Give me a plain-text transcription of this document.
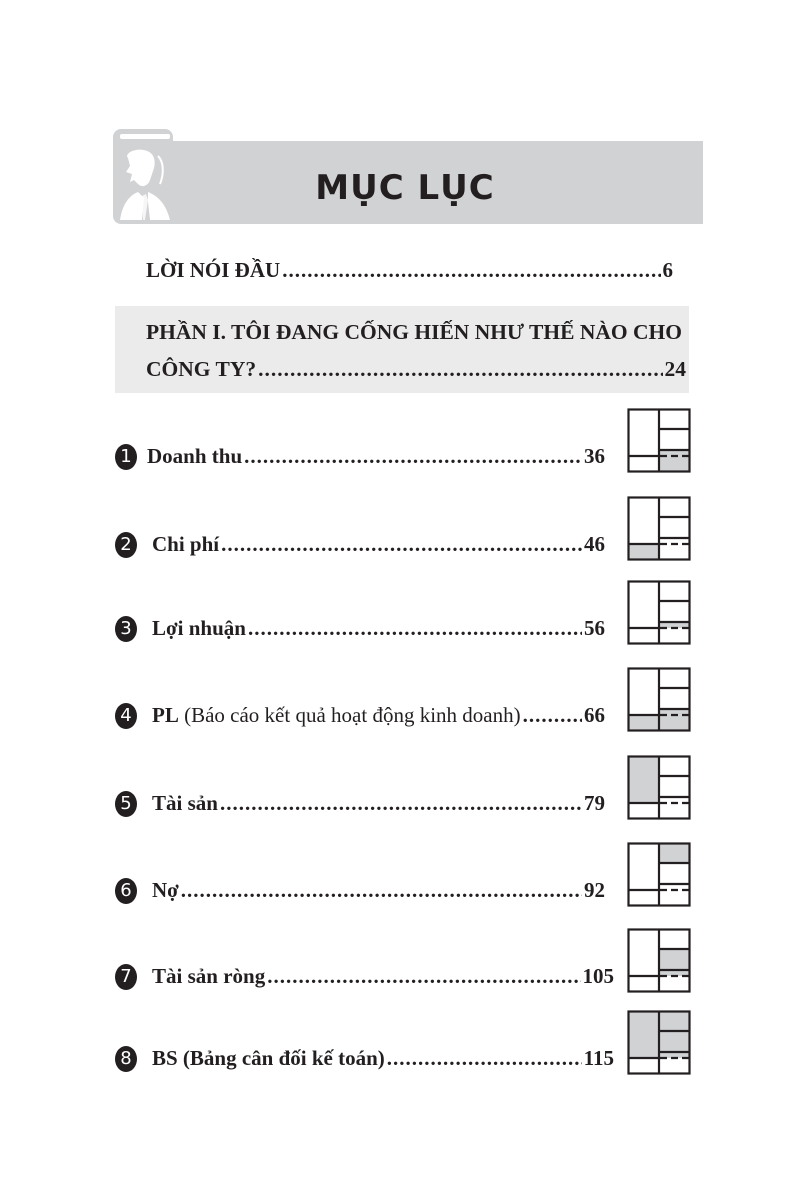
MỤC LỤC
LỜI NÓI ĐẦU .....	6
PHẦN I. TÔI ĐANG CỐNG HIẾN NHƯ THẾ NÀO CHO
CÔNG TY? .....	24
1 Doanh thu .....	36
2 Chi phí .....	46
3 Lợi nhuận .....	56
4 PL (Báo cáo kết quả hoạt động kinh doanh) .....	66
5 Tài sản .....	79
6 Nợ .....	92
7 Tài sản ròng .....	105
8 BS (Bảng cân đối kế toán) .....	115
